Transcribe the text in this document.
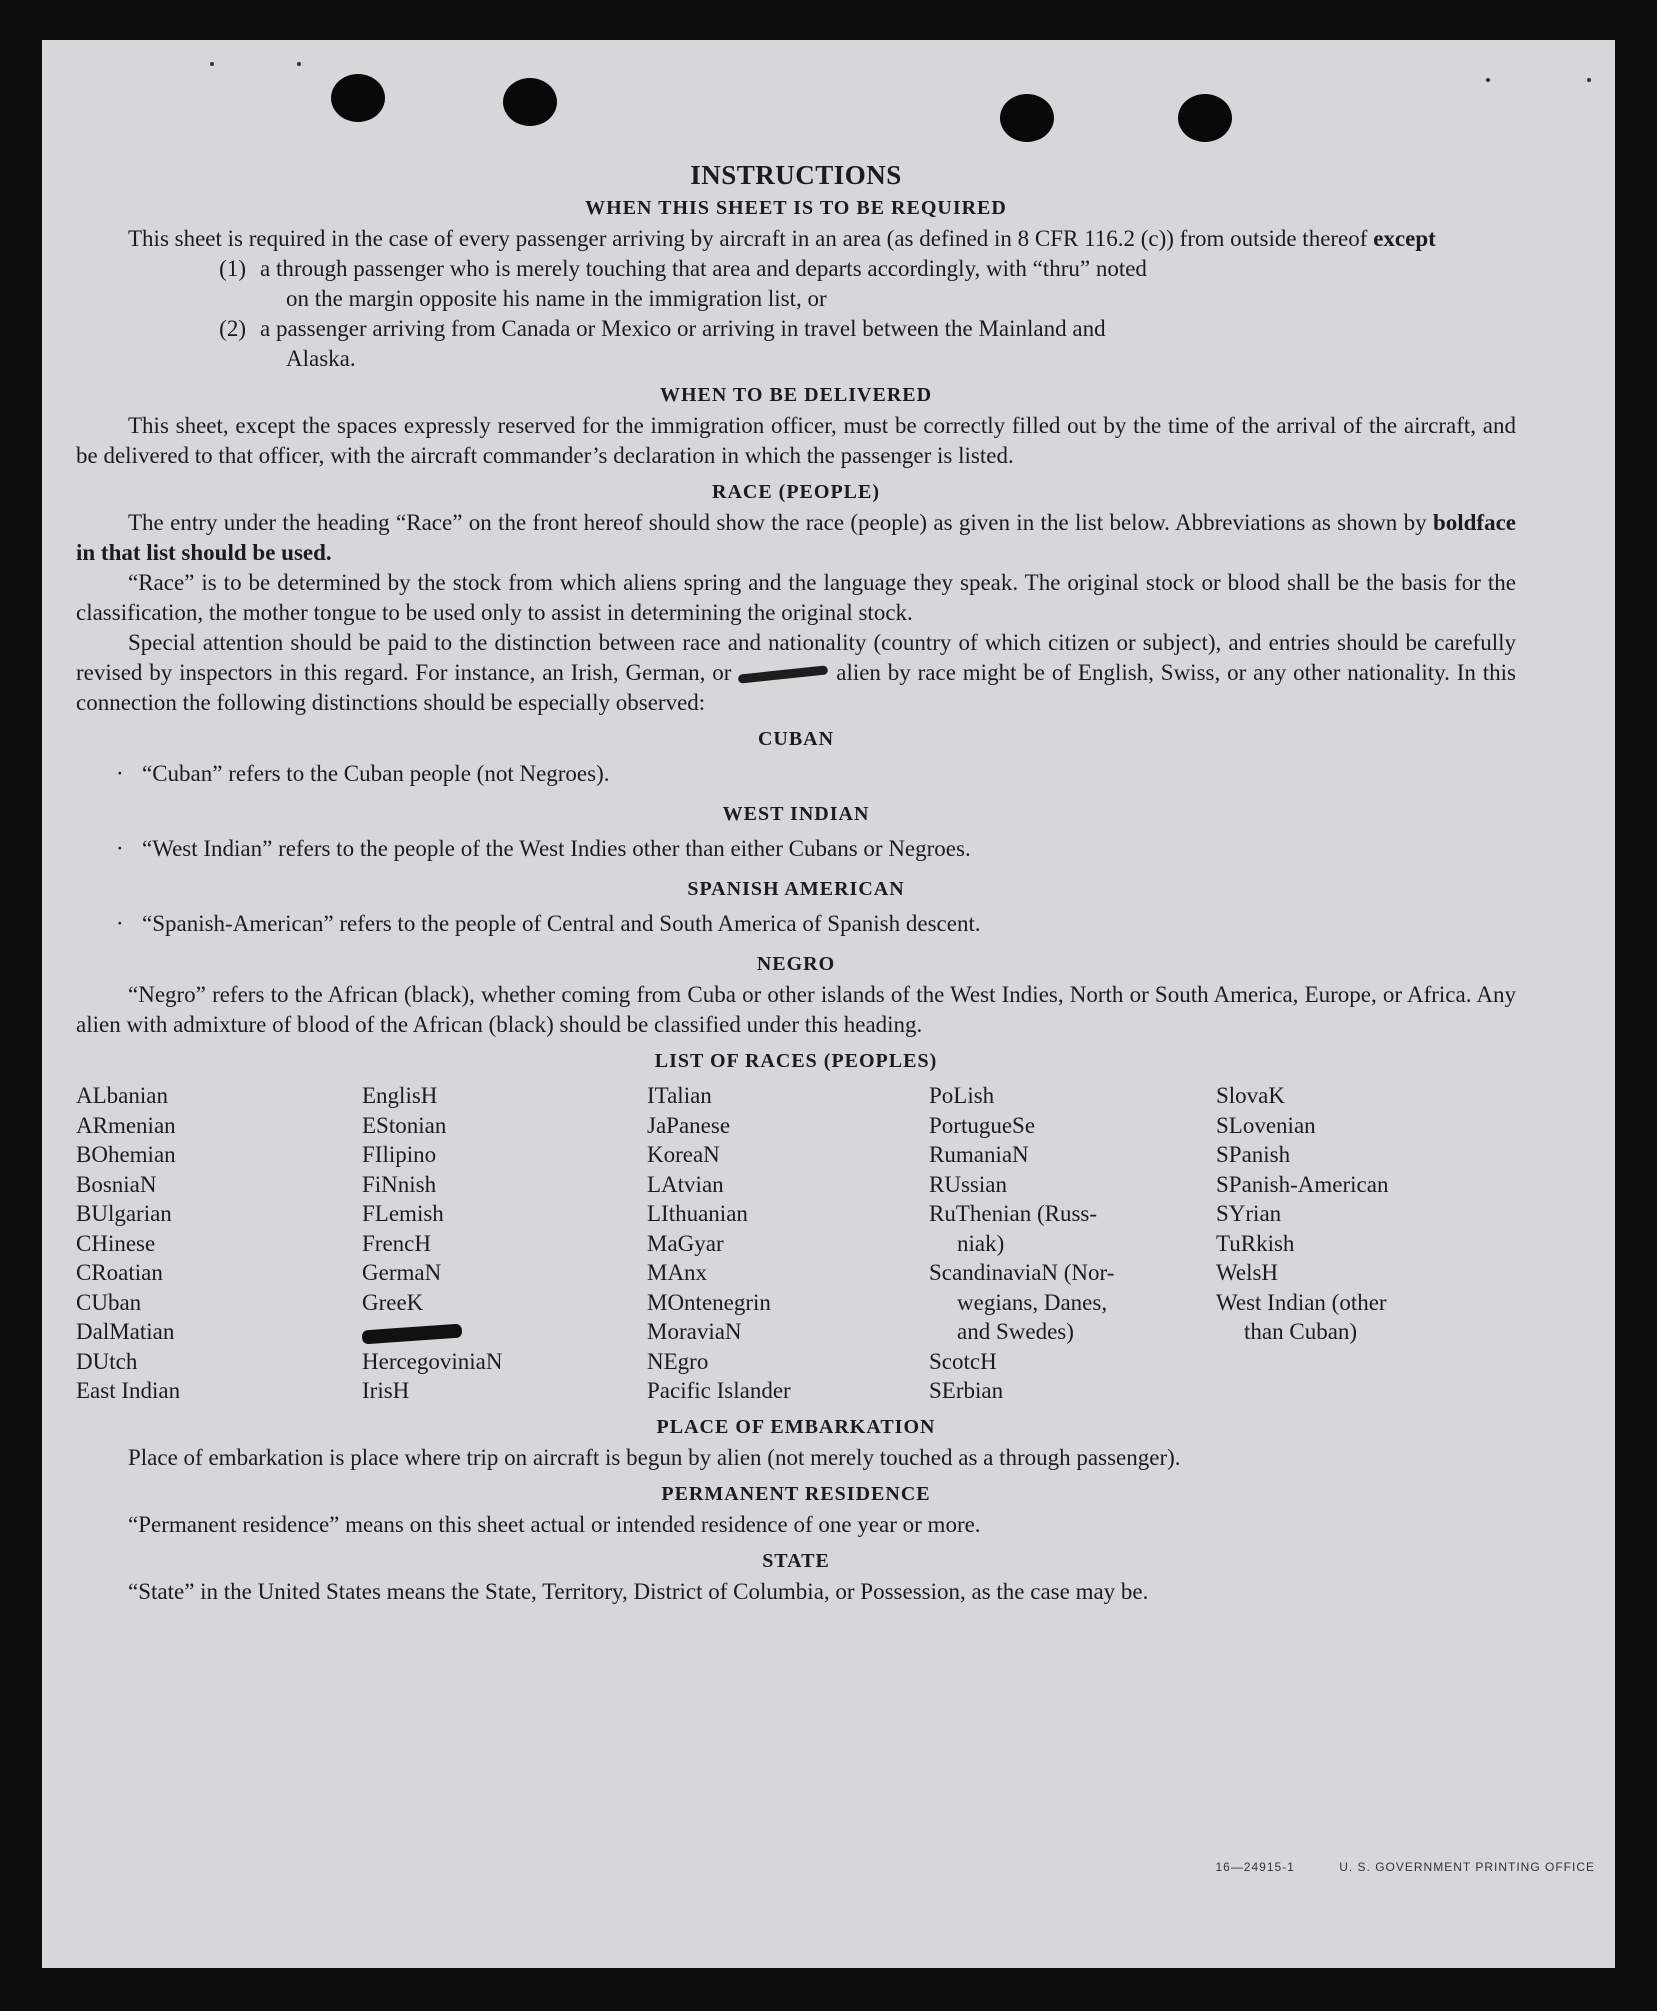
INSTRUCTIONS
WHEN THIS SHEET IS TO BE REQUIRED

This sheet is required in the case of every passenger arriving by aircraft in an area (as defined in 8 CFR 116.2 (c)) from outside thereof except

(1) a through passenger who is merely touching that area and departs accordingly, with “thru” noted
on the margin opposite his name in the immigration list, or
(2) a passenger arriving from Canada or Mexico or arriving in travel between the Mainland and
Alaska.
WHEN TO BE DELIVERED

This sheet, except the spaces expressly reserved for the immigration officer, must be correctly filled out by the time of the arrival of the aircraft, and be delivered to that officer, with the aircraft commander’s declaration in which the passenger is listed.

RACE (PEOPLE)

The entry under the heading “Race” on the front hereof should show the race (people) as given in the list below. Abbreviations as shown by boldface in that list should be used.

“Race” is to be determined by the stock from which aliens spring and the language they speak. The original stock or blood shall be the basis for the classification, the mother tongue to be used only to assist in determining the original stock.

Special attention should be paid to the distinction between race and nationality (country of which citizen or subject), and entries should be carefully revised by inspectors in this regard. For instance, an Irish, German, or	alien by race might be of English, Swiss, or any other nationality. In this connection the following distinctions should be especially observed:

CUBAN
· “Cuban” refers to the Cuban people (not Negroes).
WEST INDIAN
· “West Indian” refers to the people of the West Indies other than either Cubans or Negroes.
SPANISH AMERICAN
· “Spanish-American” refers to the people of Central and South America of Spanish descent.
NEGRO

“Negro” refers to the African (black), whether coming from Cuba or other islands of the West Indies, North or South America, Europe, or Africa. Any alien with admixture of blood of the African (black) should be classified under this heading.

LIST OF RACES (PEOPLES)
ALbanian
ARmenian
BOhemian
BosniaN
BUlgarian
CHinese
CRoatian
CUban
DalMatian
DUtch
East Indian
EnglisH
EStonian
FIlipino
FiNnish
FLemish
FrencH
GermaN
GreeK
HercegoviniaN
IrisH
ITalian
JaPanese
KoreaN
LAtvian
LIthuanian
MaGyar
MAnx
MOntenegrin
MoraviaN
NEgro
Pacific Islander
PoLish
PortugueSe
RumaniaN
RUssian
RuThenian (Russ-
niak)
ScandinaviaN (Nor-
wegians, Danes,
and Swedes)
ScotcH
SErbian
SlovaK
SLovenian
SPanish
SPanish-American
SYrian
TuRkish
WelsH
West Indian (other
than Cuban)
PLACE OF EMBARKATION

Place of embarkation is place where trip on aircraft is begun by alien (not merely touched as a through passenger).

PERMANENT RESIDENCE

“Permanent residence” means on this sheet actual or intended residence of one year or more.

STATE

“State” in the United States means the State, Territory, District of Columbia, or Possession, as the case may be.

16—24915-1	U. S. GOVERNMENT PRINTING OFFICE
